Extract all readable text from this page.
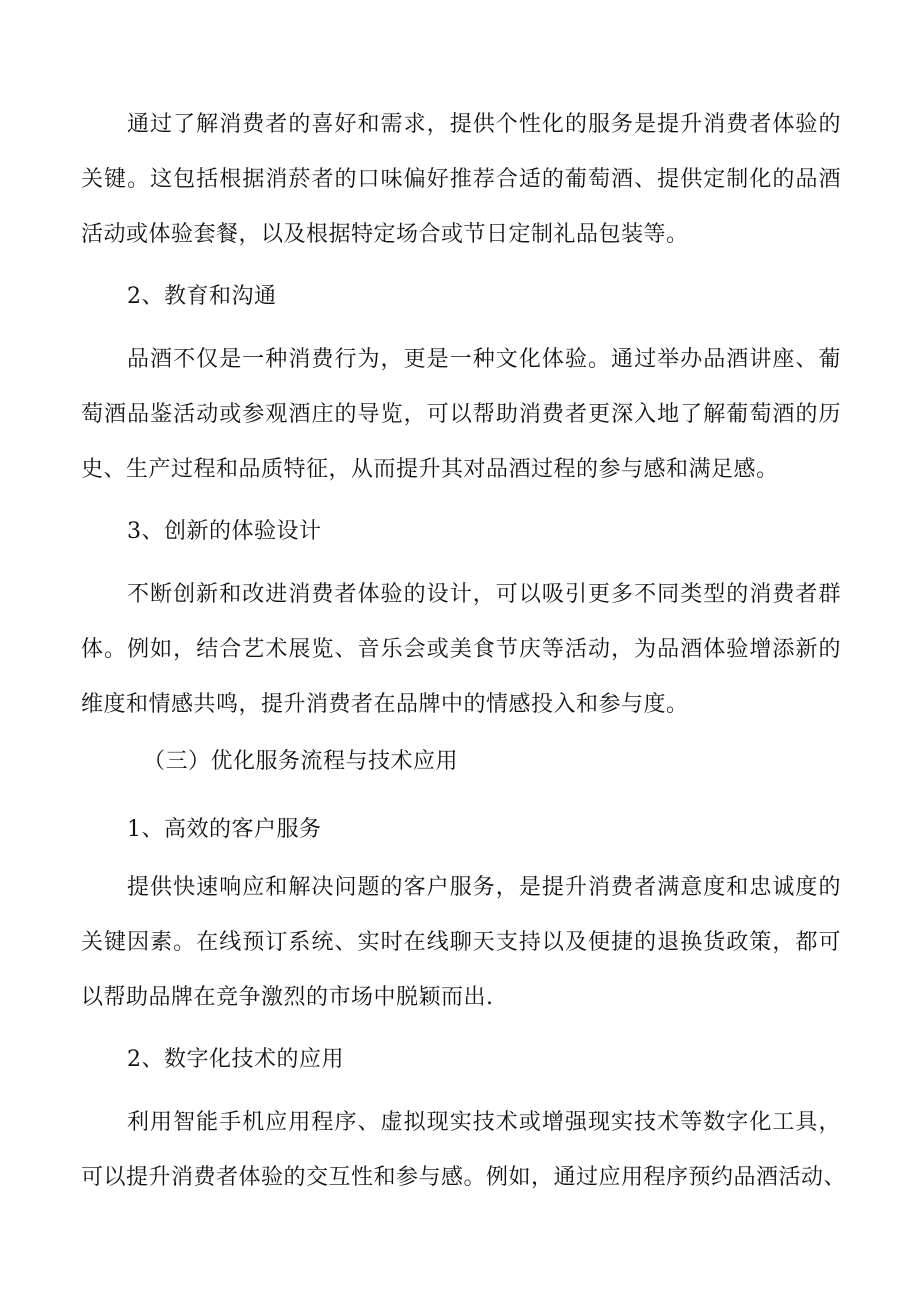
通过了解消费者的喜好和需求，提供个性化的服务是提升消费者体验的
关键。这包括根据消菸者的口味偏好推荐合适的葡萄酒、提供定制化的品酒
活动或体验套餐，以及根据特定场合或节日定制礼品包装等。
2、教育和沟通
品酒不仅是一种消费行为，更是一种文化体验。通过举办品酒讲座、葡
萄酒品鉴活动或参观酒庄的导览，可以帮助消费者更深入地了解葡萄酒的历
史、生产过程和品质特征，从而提升其对品酒过程的参与感和满足感。
3、创新的体验设计
不断创新和改进消费者体验的设计，可以吸引更多不同类型的消费者群
体。例如，结合艺术展览、音乐会或美食节庆等活动，为品酒体验增添新的
维度和情感共鸣，提升消费者在品牌中的情感投入和参与度。
（三）优化服务流程与技术应用
1、高效的客户服务
提供快速响应和解决问题的客户服务，是提升消费者满意度和忠诚度的
关键因素。在线预订系统、实时在线聊天支持以及便捷的退换货政策，都可
以帮助品牌在竞争激烈的市场中脱颖而出.
2、数字化技术的应用
利用智能手机应用程序、虚拟现实技术或增强现实技术等数字化工具，
可以提升消费者体验的交互性和参与感。例如，通过应用程序预约品酒活动、
